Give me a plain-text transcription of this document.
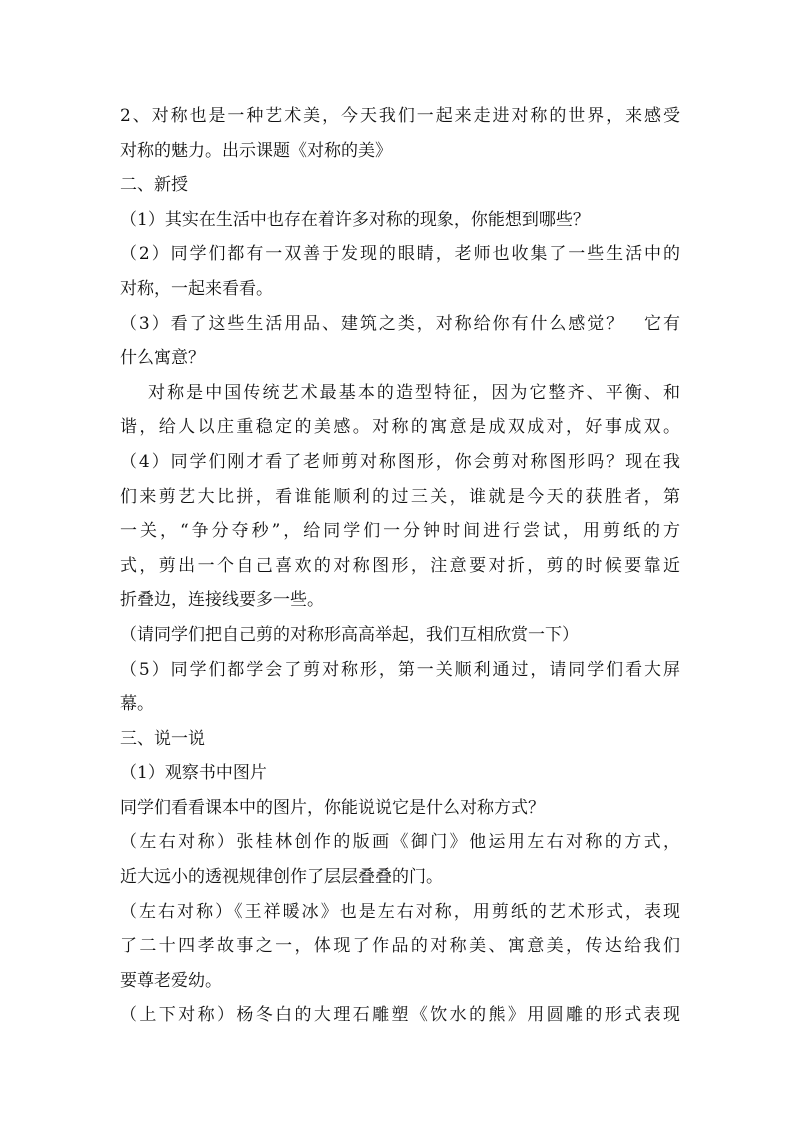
2、对称也是一种艺术美，今天我们一起来走进对称的世界，来感受
对称的魅力。出示课题《对称的美》
二、新授
（1）其实在生活中也存在着许多对称的现象，你能想到哪些？
（2）同学们都有一双善于发现的眼睛，老师也收集了一些生活中的
对称，一起来看看。
（3）看了这些生活用品、建筑之类，对称给你有什么感觉？　它有
什么寓意？
对称是中国传统艺术最基本的造型特征，因为它整齐、平衡、和
谐，给人以庄重稳定的美感。对称的寓意是成双成对，好事成双。
（4）同学们刚才看了老师剪对称图形，你会剪对称图形吗？现在我
们来剪艺大比拼，看谁能顺利的过三关，谁就是今天的获胜者，第
一关，“争分夺秒”，给同学们一分钟时间进行尝试，用剪纸的方
式，剪出一个自己喜欢的对称图形，注意要对折，剪的时候要靠近
折叠边，连接线要多一些。
（请同学们把自己剪的对称形高高举起，我们互相欣赏一下）
（5）同学们都学会了剪对称形，第一关顺利通过，请同学们看大屏
幕。
三、说一说
（1）观察书中图片
同学们看看课本中的图片，你能说说它是什么对称方式？
（左右对称）张桂林创作的版画《御门》他运用左右对称的方式，
近大远小的透视规律创作了层层叠叠的门。
（左右对称）《王祥暖冰》也是左右对称，用剪纸的艺术形式，表现
了二十四孝故事之一，体现了作品的对称美、寓意美，传达给我们
要尊老爱幼。
（上下对称）杨冬白的大理石雕塑《饮水的熊》用圆雕的形式表现
